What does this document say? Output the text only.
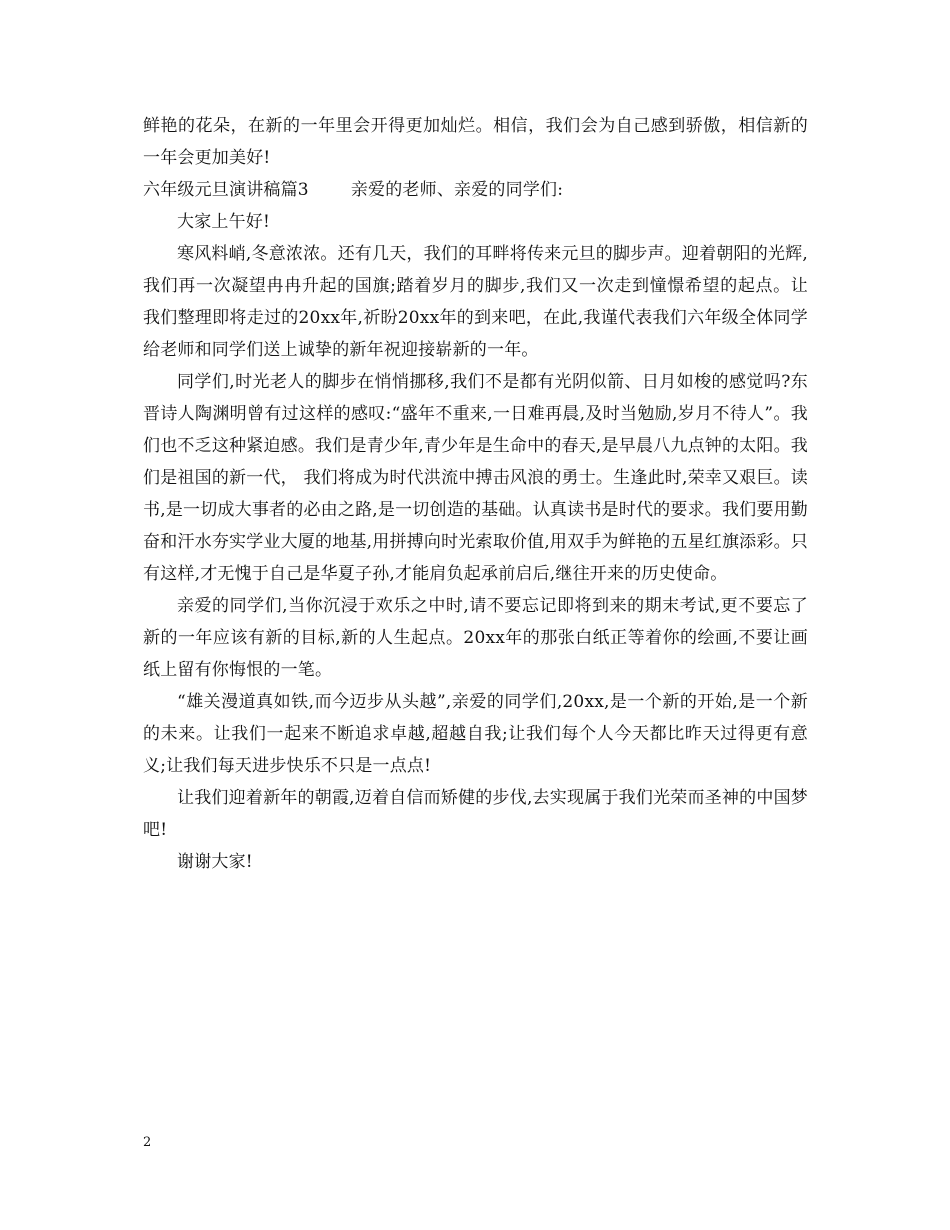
鲜艳的花朵，在新的一年里会开得更加灿烂。相信，我们会为自己感到骄傲，相信新的一年会更加美好!

六年级元旦演讲稿篇3 亲爱的老师、亲爱的同学们:

大家上午好!

寒风料峭,冬意浓浓。还有几天，我们的耳畔将传来元旦的脚步声。迎着朝阳的光辉,我们再一次凝望冉冉升起的国旗;踏着岁月的脚步,我们又一次走到憧憬希望的起点。让我们整理即将走过的20xx年,祈盼20xx年的到来吧，在此,我谨代表我们六年级全体同学给老师和同学们送上诚挚的新年祝迎接崭新的一年。

同学们,时光老人的脚步在悄悄挪移,我们不是都有光阴似箭、日月如梭的感觉吗?东晋诗人陶渊明曾有过这样的感叹:“盛年不重来,一日难再晨,及时当勉励,岁月不待人”。我们也不乏这种紧迫感。我们是青少年,青少年是生命中的春天,是早晨八九点钟的太阳。我们是祖国的新一代， 我们将成为时代洪流中搏击风浪的勇士。生逢此时,荣幸又艰巨。读书,是一切成大事者的必由之路,是一切创造的基础。认真读书是时代的要求。我们要用勤奋和汗水夯实学业大厦的地基,用拼搏向时光索取价值,用双手为鲜艳的五星红旗添彩。只有这样,才无愧于自己是华夏子孙,才能肩负起承前启后,继往开来的历史使命。

亲爱的同学们,当你沉浸于欢乐之中时,请不要忘记即将到来的期末考试,更不要忘了新的一年应该有新的目标,新的人生起点。20xx年的那张白纸正等着你的绘画,不要让画纸上留有你悔恨的一笔。

“雄关漫道真如铁,而今迈步从头越”,亲爱的同学们,20xx,是一个新的开始,是一个新的未来。让我们一起来不断追求卓越,超越自我;让我们每个人今天都比昨天过得更有意义;让我们每天进步快乐不只是一点点!

让我们迎着新年的朝霞,迈着自信而矫健的步伐,去实现属于我们光荣而圣神的中国梦吧!

谢谢大家!

2
